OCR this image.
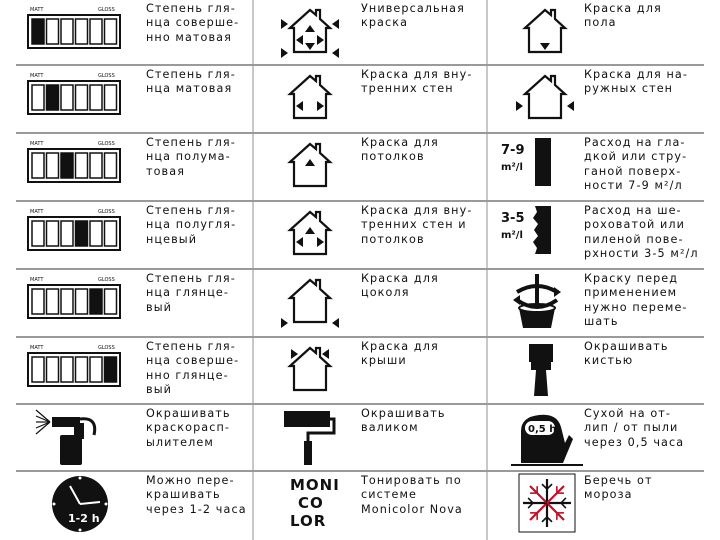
MATT	GLOSS	Степень гля-
нца соверше-
нно матовая
Универсальная
краска
Краска для
пола
MATT	GLOSS	Степень гля-
нца матовая
Краска для вну-
тренних стен
Краска для на-
ружных стен
MATT	GLOSS	Степень гля-
нца полума-
товая
Краска для
потолков	7-9
m²/l
Расход на гла-
дкой или стру-
ганой поверх-
ности 7-9 м²/л
MATT	GLOSS	Степень гля-
нца полугля-
нцевый
Краска для вну-
тренних стен и
потолков
3-5
m²/l
Расход на ше-
роховатой или
пиленой пове-
рхности 3-5 м²/л
MATT	GLOSS	Степень гля-
нца глянце-
вый
Краска для
цоколя
Краску перед
применением
нужно переме-
шать
MATT	GLOSS	Степень гля-
нца соверше-
нно глянце-
вый
Краска для
крыши
Окрашивать
кистью
Окрашивать
краскорасп-
ылителем
Окрашивать
валиком	0,5 h
Сухой на от-
лип / от пыли
через 0,5 часа
1-2 h
Можно пере-
крашивать
через 1-2 часа
MONI
CO
LOR
Тонировать по
системе
Monicolor Nova
Беречь от
мороза
